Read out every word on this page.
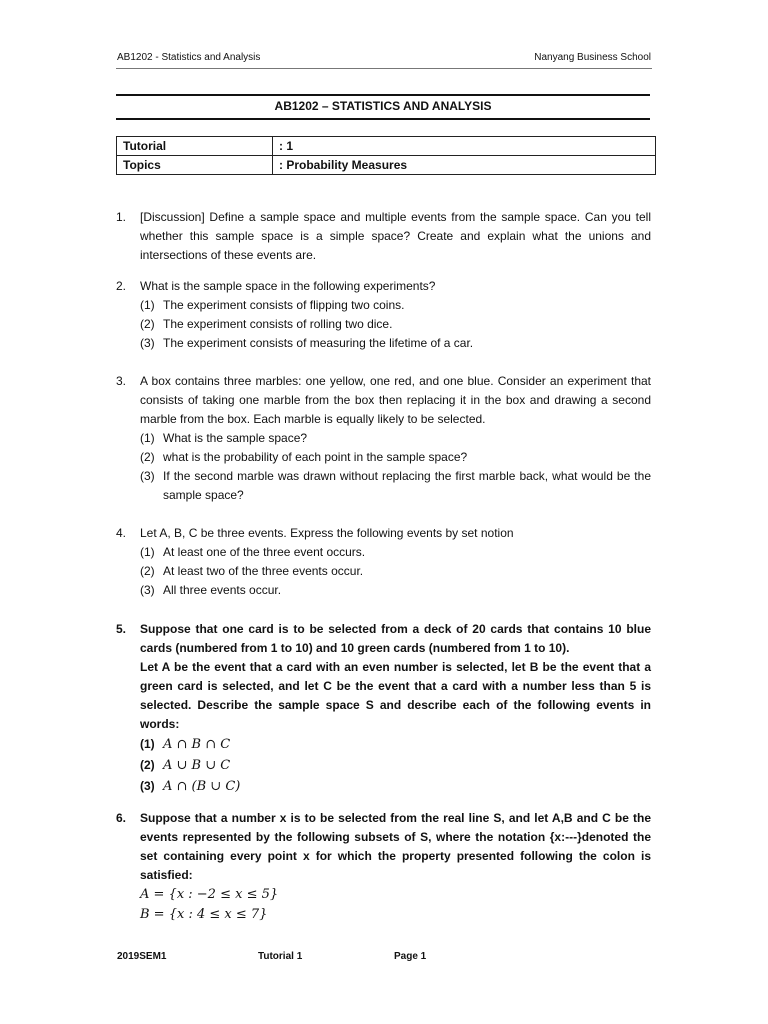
AB1202 - Statistics and Analysis	Nanyang Business School
AB1202 – STATISTICS AND ANALYSIS
Tutorial	: 1
Topics	: Probability Measures
1. [Discussion] Define a sample space and multiple events from the sample space. Can you tell whether this sample space is a simple space? Create and explain what the unions and intersections of these events are.
2. What is the sample space in the following experiments?
(1) The experiment consists of flipping two coins.
(2) The experiment consists of rolling two dice.
(3) The experiment consists of measuring the lifetime of a car.
3. A box contains three marbles: one yellow, one red, and one blue. Consider an experiment that consists of taking one marble from the box then replacing it in the box and drawing a second marble from the box. Each marble is equally likely to be selected.
(1) What is the sample space?
(2) what is the probability of each point in the sample space?
(3) If the second marble was drawn without replacing the first marble back, what would be the sample space?
4. Let A, B, C be three events. Express the following events by set notion
(1) At least one of the three event occurs.
(2) At least two of the three events occur.
(3) All three events occur.
5. Suppose that one card is to be selected from a deck of 20 cards that contains 10 blue cards (numbered from 1 to 10) and 10 green cards (numbered from 1 to 10).
Let A be the event that a card with an even number is selected, let B be the event that a green card is selected, and let C be the event that a card with a number less than 5 is selected. Describe the sample space S and describe each of the following events in words:
(1) A ∩ B ∩ C
(2) A ∪ B ∪ C
(3) A ∩ (B ∪ C)
6. Suppose that a number x is to be selected from the real line S, and let A,B and C be the events represented by the following subsets of S, where the notation {x:---}denoted the set containing every point x for which the property presented following the colon is satisfied:
A = {x : −2 ≤ x ≤ 5}
B = {x : 4 ≤ x ≤ 7}
2019SEM1	Tutorial 1	Page 1
